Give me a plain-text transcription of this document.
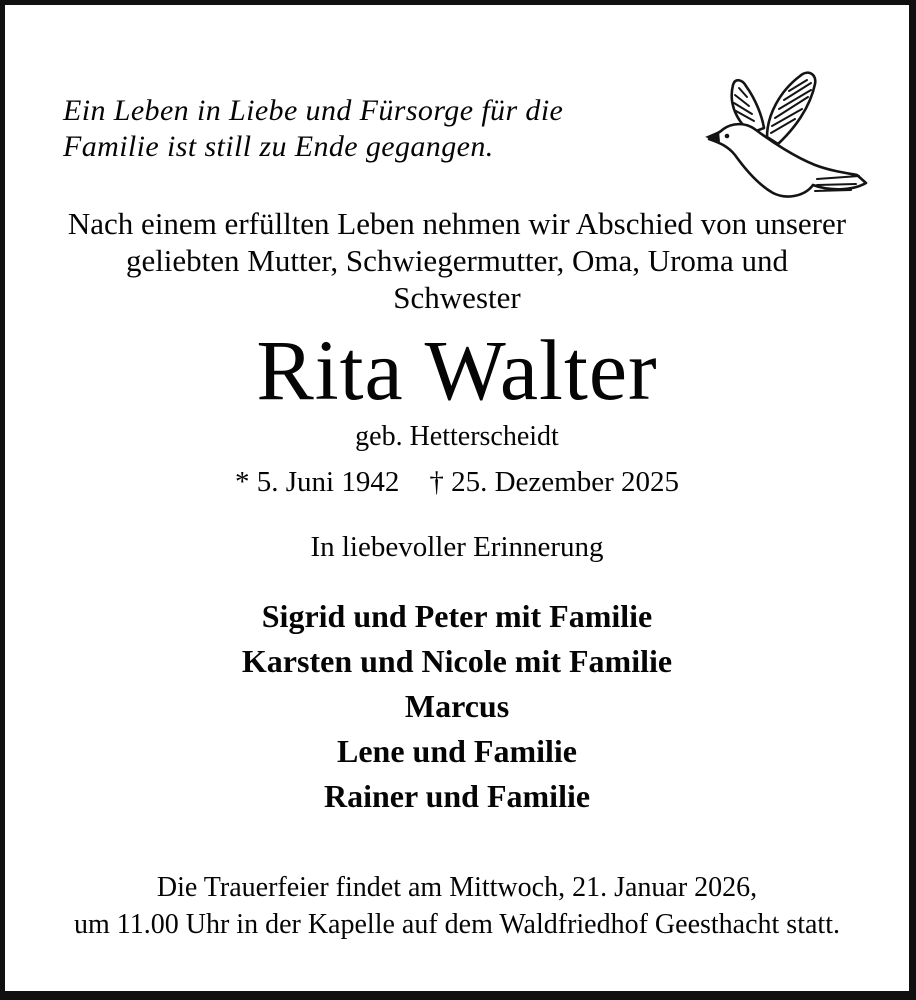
Ein Leben in Liebe und Fürsorge für die
Familie ist still zu Ende gegangen.
Nach einem erfüllten Leben nehmen wir Abschied von unserer
geliebten Mutter, Schwiegermutter, Oma, Uroma und
Schwester
Rita Walter
geb. Hetterscheidt
* 5. Juni 1942 † 25. Dezember 2025
In liebevoller Erinnerung
Sigrid und Peter mit Familie
Karsten und Nicole mit Familie
Marcus
Lene und Familie
Rainer und Familie
Die Trauerfeier findet am Mittwoch, 21. Januar 2026,
um 11.00 Uhr in der Kapelle auf dem Waldfriedhof Geesthacht statt.
